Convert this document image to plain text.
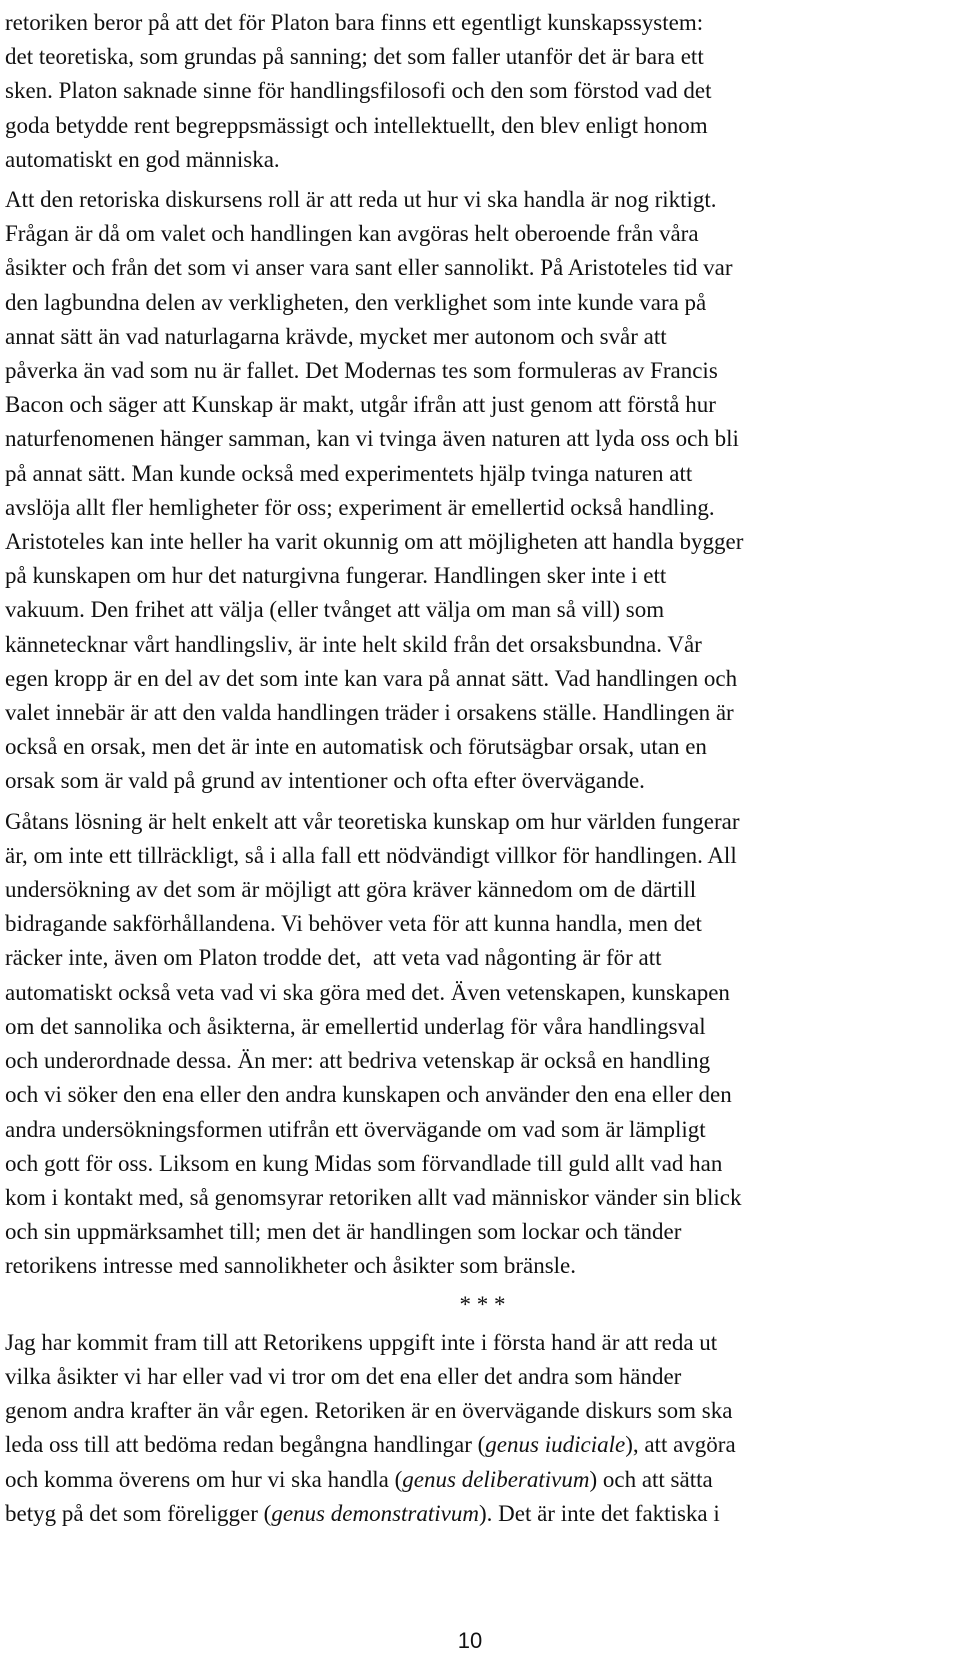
retoriken beror på att det för Platon bara finns ett egentligt kunskapssystem:
det teoretiska, som grundas på sanning; det som faller utanför det är bara ett
sken. Platon saknade sinne för handlingsfilosofi och den som förstod vad det
goda betydde rent begreppsmässigt och intellektuellt, den blev enligt honom
automatiskt en god människa.
Att den retoriska diskursens roll är att reda ut hur vi ska handla är nog riktigt.
Frågan är då om valet och handlingen kan avgöras helt oberoende från våra
åsikter och från det som vi anser vara sant eller sannolikt. På Aristoteles tid var
den lagbundna delen av verkligheten, den verklighet som inte kunde vara på
annat sätt än vad naturlagarna krävde, mycket mer autonom och svår att
påverka än vad som nu är fallet. Det Modernas tes som formuleras av Francis
Bacon och säger att Kunskap är makt, utgår ifrån att just genom att förstå hur
naturfenomenen hänger samman, kan vi tvinga även naturen att lyda oss och bli
på annat sätt. Man kunde också med experimentets hjälp tvinga naturen att
avslöja allt fler hemligheter för oss; experiment är emellertid också handling.
Aristoteles kan inte heller ha varit okunnig om att möjligheten att handla bygger
på kunskapen om hur det naturgivna fungerar. Handlingen sker inte i ett
vakuum. Den frihet att välja (eller tvånget att välja om man så vill) som
kännetecknar vårt handlingsliv, är inte helt skild från det orsaksbundna. Vår
egen kropp är en del av det som inte kan vara på annat sätt. Vad handlingen och
valet innebär är att den valda handlingen träder i orsakens ställe. Handlingen är
också en orsak, men det är inte en automatisk och förutsägbar orsak, utan en
orsak som är vald på grund av intentioner och ofta efter övervägande.
Gåtans lösning är helt enkelt att vår teoretiska kunskap om hur världen fungerar
är, om inte ett tillräckligt, så i alla fall ett nödvändigt villkor för handlingen. All
undersökning av det som är möjligt att göra kräver kännedom om de därtill
bidragande sakförhållandena. Vi behöver veta för att kunna handla, men det
räcker inte, även om Platon trodde det,  att veta vad någonting är för att
automatiskt också veta vad vi ska göra med det. Även vetenskapen, kunskapen
om det sannolika och åsikterna, är emellertid underlag för våra handlingsval
och underordnade dessa. Än mer: att bedriva vetenskap är också en handling
och vi söker den ena eller den andra kunskapen och använder den ena eller den
andra undersökningsformen utifrån ett övervägande om vad som är lämpligt
och gott för oss. Liksom en kung Midas som förvandlade till guld allt vad han
kom i kontakt med, så genomsyrar retoriken allt vad människor vänder sin blick
och sin uppmärksamhet till; men det är handlingen som lockar och tänder
retorikens intresse med sannolikheter och åsikter som bränsle.
* * *
Jag har kommit fram till att Retorikens uppgift inte i första hand är att reda ut
vilka åsikter vi har eller vad vi tror om det ena eller det andra som händer
genom andra krafter än vår egen. Retoriken är en övervägande diskurs som ska
leda oss till att bedöma redan begångna handlingar (genus iudiciale), att avgöra
och komma överens om hur vi ska handla (genus deliberativum) och att sätta
betyg på det som föreligger (genus demonstrativum). Det är inte det faktiska i
10
